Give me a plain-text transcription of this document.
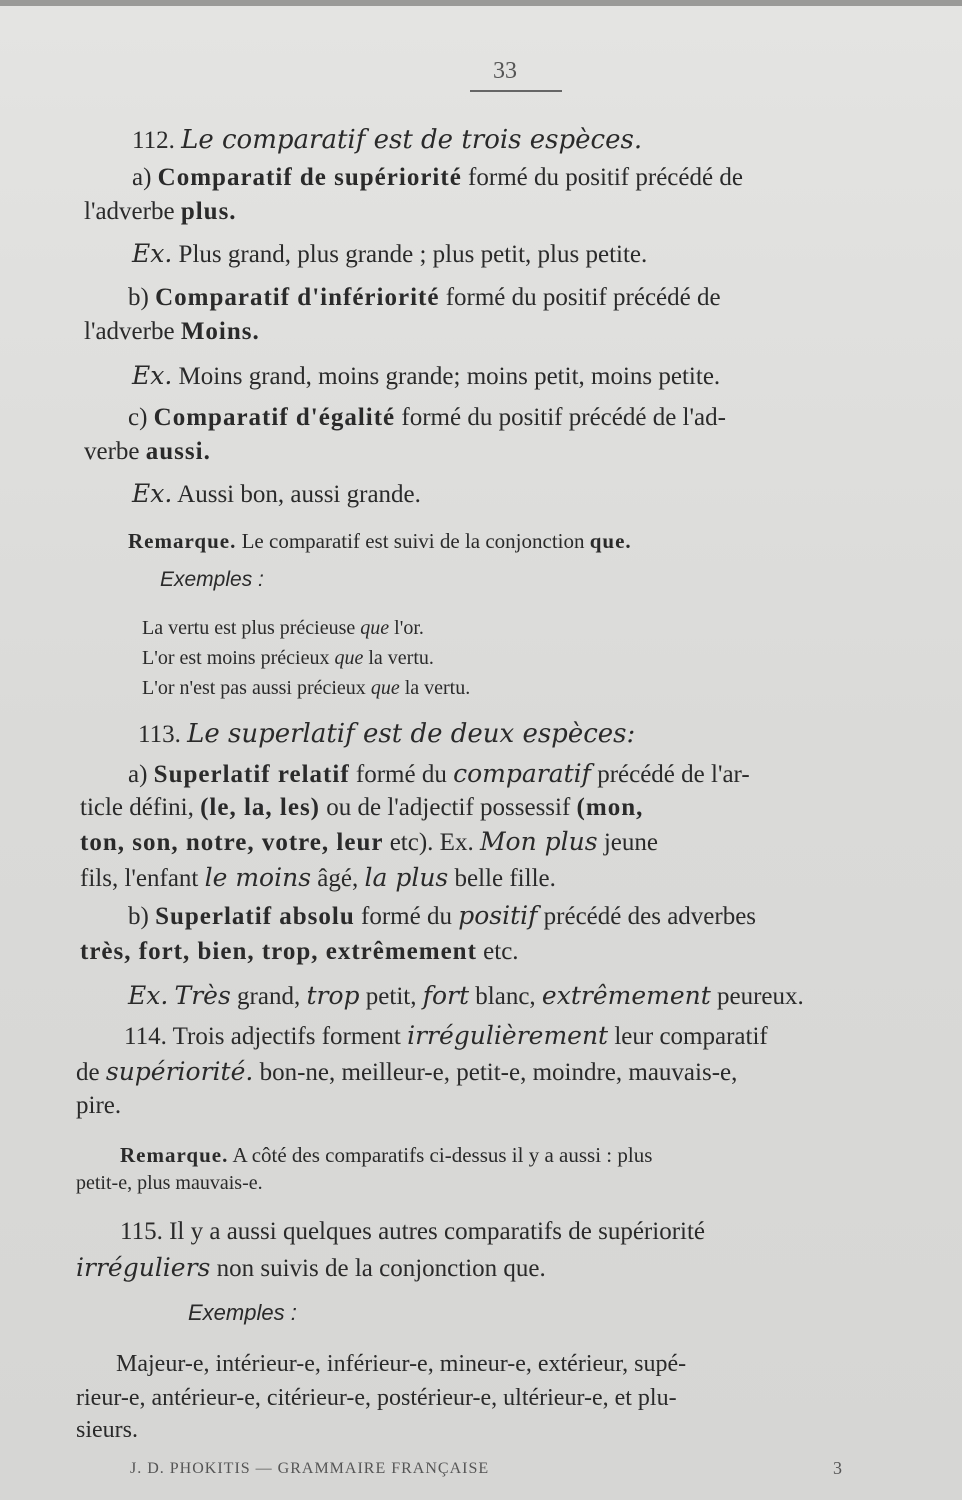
33
112. Le comparatif est de trois espèces.
a) Comparatif de supériorité formé du positif précédé de
l'adverbe plus.
Ex. Plus grand, plus grande ; plus petit, plus petite.
b) Comparatif d'infériorité formé du positif précédé de
l'adverbe Moins.
Ex. Moins grand, moins grande; moins petit, moins petite.
c) Comparatif d'égalité formé du positif précédé de l'ad-
verbe aussi.
Ex. Aussi bon, aussi grande.
Remarque. Le comparatif est suivi de la conjonction que.
Exemples :
La vertu est plus précieuse que l'or.
L'or est moins précieux que la vertu.
L'or n'est pas aussi précieux que la vertu.
113. Le superlatif est de deux espèces:
a) Superlatif relatif formé du comparatif précédé de l'ar-
ticle défini, (le, la, les) ou de l'adjectif possessif (mon,
ton, son, notre, votre, leur etc). Ex. Mon plus jeune
fils, l'enfant le moins âgé, la plus belle fille.
b) Superlatif absolu formé du positif précédé des adverbes
très, fort, bien, trop, extrêmement etc.
Ex. Très grand, trop petit, fort blanc, extrêmement peureux.
114. Trois adjectifs forment irrégulièrement leur comparatif
de supériorité. bon-ne, meilleur-e, petit-e, moindre, mauvais-e,
pire.
Remarque. A côté des comparatifs ci-dessus il y a aussi : plus
petit-e, plus mauvais-e.
115. Il y a aussi quelques autres comparatifs de supériorité
irréguliers non suivis de la conjonction que.
Exemples :
Majeur-e, intérieur-e, inférieur-e, mineur-e, extérieur, supé-
rieur-e, antérieur-e, citérieur-e, postérieur-e, ultérieur-e, et plu-
sieurs.
J. D. PHOKITIS — GRAMMAIRE FRANÇAISE	3
